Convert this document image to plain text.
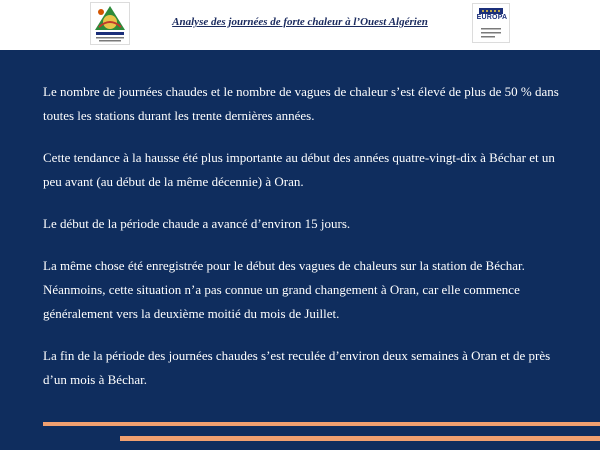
Analyse des journées de forte chaleur à l’Ouest Algérien	EUROPA

Le nombre de journées chaudes et le nombre de vagues de chaleur s’est élevé de plus de 50 % dans toutes les stations durant les trente dernières années.

Cette tendance à la hausse été plus importante au début des années quatre-vingt-dix à Béchar et un peu avant (au début de la même décennie) à Oran.

Le début de la période chaude a avancé d’environ 15 jours.

La même chose été enregistrée pour le début des vagues de chaleurs sur la station de Béchar. Néanmoins, cette situation n’a pas connue un grand changement à Oran, car elle commence généralement vers la deuxième moitié du mois de Juillet.

La fin de la période des journées chaudes s’est reculée d’environ deux semaines à Oran et de près d’un mois à Béchar.
